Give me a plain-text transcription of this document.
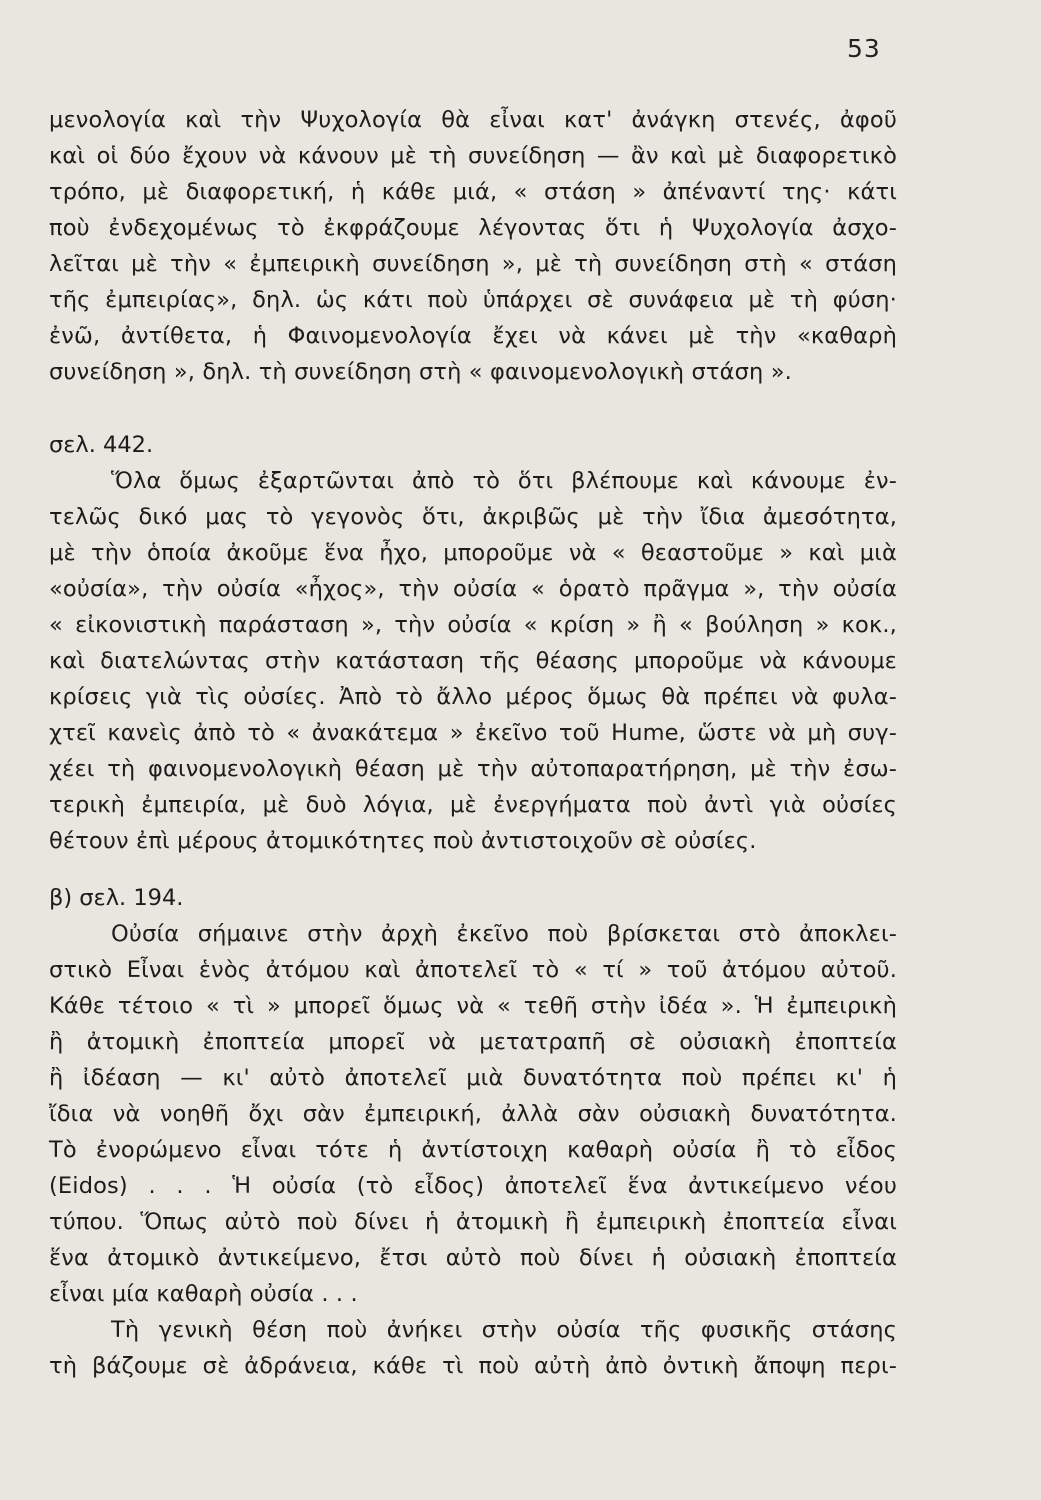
53
μενολογία καὶ τὴν Ψυχολογία θὰ εἶναι κατ' ἀνάγκη στενές, ἀφοῦ
καὶ οἱ δύο ἔχουν νὰ κάνουν μὲ τὴ συνείδηση — ἂν καὶ μὲ διαφορετικὸ
τρόπο, μὲ διαφορετική, ἡ κάθε μιά, « στάση » ἀπέναντί της· κάτι
ποὺ ἐνδεχομένως τὸ ἐκφράζουμε λέγοντας ὅτι ἡ Ψυχολογία ἀσχο-
λεῖται μὲ τὴν « ἐμπειρικὴ συνείδηση », μὲ τὴ συνείδηση στὴ « στάση
τῆς ἐμπειρίας», δηλ. ὡς κάτι ποὺ ὑπάρχει σὲ συνάφεια μὲ τὴ φύση·
ἐνῶ, ἀντίθετα, ἡ Φαινομενολογία ἔχει νὰ κάνει μὲ τὴν «καθαρὴ
συνείδηση », δηλ. τὴ συνείδηση στὴ « φαινομενολογικὴ στάση ».
σελ. 442.
Ὅλα ὅμως ἐξαρτῶνται ἀπὸ τὸ ὅτι βλέπουμε καὶ κάνουμε ἐν-
τελῶς δικό μας τὸ γεγονὸς ὅτι, ἀκριβῶς μὲ τὴν ἴδια ἀμεσότητα,
μὲ τὴν ὁποία ἀκοῦμε ἕνα ἦχο, μποροῦμε νὰ « θεαστοῦμε » καὶ μιὰ
«οὐσία», τὴν οὐσία «ἦχος», τὴν οὐσία « ὁρατὸ πρᾶγμα », τὴν οὐσία
« εἰκονιστικὴ παράσταση », τὴν οὐσία « κρίση » ἢ « βούληση » κοκ.,
καὶ διατελώντας στὴν κατάσταση τῆς θέασης μποροῦμε νὰ κάνουμε
κρίσεις γιὰ τὶς οὐσίες. Ἀπὸ τὸ ἄλλο μέρος ὅμως θὰ πρέπει νὰ φυλα-
χτεῖ κανεὶς ἀπὸ τὸ « ἀνακάτεμα » ἐκεῖνο τοῦ Hume, ὥστε νὰ μὴ συγ-
χέει τὴ φαινομενολογικὴ θέαση μὲ τὴν αὐτοπαρατήρηση, μὲ τὴν ἐσω-
τερικὴ ἐμπειρία, μὲ δυὸ λόγια, μὲ ἐνεργήματα ποὺ ἀντὶ γιὰ οὐσίες
θέτουν ἐπὶ μέρους ἀτομικότητες ποὺ ἀντιστοιχοῦν σὲ οὐσίες.
β) σελ. 194.
Οὐσία σήμαινε στὴν ἀρχὴ ἐκεῖνο ποὺ βρίσκεται στὸ ἀποκλει-
στικὸ Εἶναι ἑνὸς ἀτόμου καὶ ἀποτελεῖ τὸ « τί » τοῦ ἀτόμου αὐτοῦ.
Κάθε τέτοιο « τὶ » μπορεῖ ὅμως νὰ « τεθῆ στὴν ἰδέα ». Ἡ ἐμπειρικὴ
ἢ ἀτομικὴ ἐποπτεία μπορεῖ νὰ μετατραπῆ σὲ οὐσιακὴ ἐποπτεία
ἢ ἰδέαση — κι' αὐτὸ ἀποτελεῖ μιὰ δυνατότητα ποὺ πρέπει κι' ἡ
ἴδια νὰ νοηθῆ ὄχι σὰν ἐμπειρική, ἀλλὰ σὰν οὐσιακὴ δυνατότητα.
Τὸ ἐνορώμενο εἶναι τότε ἡ ἀντίστοιχη καθαρὴ οὐσία ἢ τὸ εἶδος
(Eidos) . . . Ἡ οὐσία (τὸ εἶδος) ἀποτελεῖ ἕνα ἀντικείμενο νέου
τύπου. Ὅπως αὐτὸ ποὺ δίνει ἡ ἀτομικὴ ἢ ἐμπειρικὴ ἐποπτεία εἶναι
ἕνα ἀτομικὸ ἀντικείμενο, ἔτσι αὐτὸ ποὺ δίνει ἡ οὐσιακὴ ἐποπτεία
εἶναι μία καθαρὴ οὐσία . . .
Τὴ γενικὴ θέση ποὺ ἀνήκει στὴν οὐσία τῆς φυσικῆς στάσης
τὴ βάζουμε σὲ ἀδράνεια, κάθε τὶ ποὺ αὐτὴ ἀπὸ ὀντικὴ ἄποψη περι-
